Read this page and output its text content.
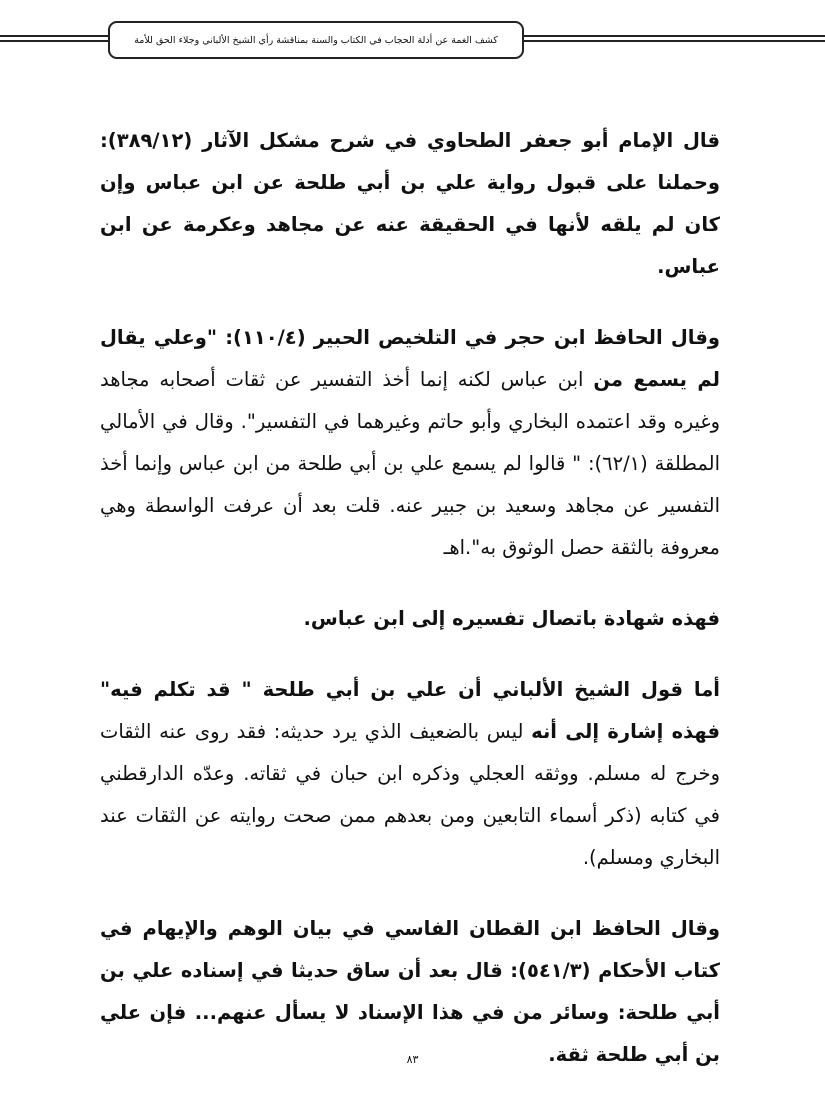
كشف الغمة عن أدلة الحجاب في الكتاب والسنة بمناقشة رأي الشيخ الألباني وجلاء الحق للأمة

قال الإمام أبو جعفر الطحاوي في شرح مشكل الآثار (٣٨٩/١٢): وحملنا على قبول رواية علي بن أبي طلحة عن ابن عباس وإن كان لم يلقه لأنها في الحقيقة عنه عن مجاهد وعكرمة عن ابن عباس.

وقال الحافظ ابن حجر في التلخيص الحبير (١١٠/٤): "وعلي يقال لم يسمع من ابن عباس لكنه إنما أخذ التفسير عن ثقات أصحابه مجاهد وغيره وقد اعتمده البخاري وأبو حاتم وغيرهما في التفسير". وقال في الأمالي المطلقة (٦٢/١): " قالوا لم يسمع علي بن أبي طلحة من ابن عباس وإنما أخذ التفسير عن مجاهد وسعيد بن جبير عنه. قلت بعد أن عرفت الواسطة وهي معروفة بالثقة حصل الوثوق به".اهـ

فهذه شهادة باتصال تفسيره إلى ابن عباس.

أما قول الشيخ الألباني أن علي بن أبي طلحة " قد تكلم فيه" فهذه إشارة إلى أنه ليس بالضعيف الذي يرد حديثه: فقد روى عنه الثقات وخرج له مسلم. ووثقه العجلي وذكره ابن حبان في ثقاته. وعدّه الدارقطني في كتابه (ذكر أسماء التابعين ومن بعدهم ممن صحت روايته عن الثقات عند البخاري ومسلم).

وقال الحافظ ابن القطان الفاسي في بيان الوهم والإيهام في كتاب الأحكام (٥٤١/٣): قال بعد أن ساق حديثا في إسناده علي بن أبي طلحة: وسائر من في هذا الإسناد لا يسأل عنهم... فإن علي بن أبي طلحة ثقة.

٨٣
